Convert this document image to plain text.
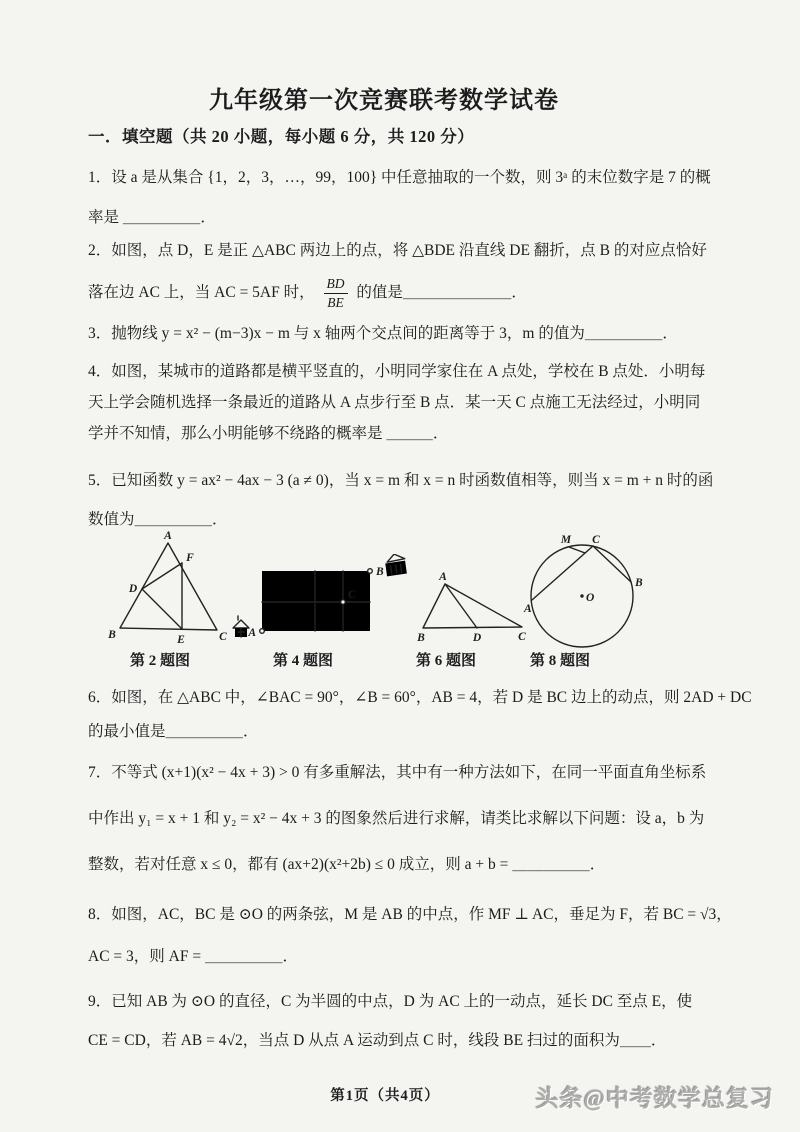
九年级第一次竞赛联考数学试卷
一．填空题（共 20 小题，每小题 6 分，共 120 分）
1．设 a 是从集合 {1，2，3，…，99，100} 中任意抽取的一个数，则 3ᵃ 的末位数字是 7 的概
率是 ＿＿＿＿＿．
2．如图，点 D，E 是正 △ABC 两边上的点，将 △BDE 沿直线 DE 翻折，点 B 的对应点恰好
落在边 AC 上，当 AC = 5AF 时， $\frac{BD}{BE}$ 的值是＿＿＿＿＿＿＿．
3．抛物线 y = x² − (m−3)x − m 与 x 轴两个交点间的距离等于 3，m 的值为＿＿＿＿＿．
4．如图，某城市的道路都是横平竖直的，小明同学家住在 A 点处，学校在 B 点处．小明每
天上学会随机选择一条最近的道路从 A 点步行至 B 点．某一天 C 点施工无法经过，小明同
学并不知情，那么小明能够不绕路的概率是 ＿＿＿．
5．已知函数 y = ax² − 4ax − 3 (a ≠ 0)，当 x = m 和 x = n 时函数值相等，则当 x = m + n 时的函
数值为＿＿＿＿＿．
A
B	C
D
F
E
A
B
C
A
B	D	C
M C
A
B
O
第 2 题图	第 4 题图	第 6 题图	第 8 题图
6．如图，在 △ABC 中，∠BAC = 90°，∠B = 60°，AB = 4，若 D 是 BC 边上的动点，则 2AD + DC
的最小值是＿＿＿＿＿．
7．不等式 (x+1)(x² − 4x + 3) > 0 有多重解法，其中有一种方法如下，在同一平面直角坐标系
中作出 y₁ = x + 1 和 y₂ = x² − 4x + 3 的图象然后进行求解，请类比求解以下问题：设 a，b 为
整数，若对任意 x ≤ 0，都有 (ax+2)(x²+2b) ≤ 0 成立，则 a + b = ＿＿＿＿＿．
8．如图，AC，BC 是 ⊙O 的两条弦，M 是 AB 的中点，作 MF ⊥ AC，垂足为 F，若 BC = √3，
AC = 3，则 AF = ＿＿＿＿＿．
9．已知 AB 为 ⊙O 的直径，C 为半圆的中点，D 为 AC 上的一动点，延长 DC 至点 E，使
CE = CD，若 AB = 4√2，当点 D 从点 A 运动到点 C 时，线段 BE 扫过的面积为＿＿．
第1页（共4页）	头条@中考数学总复习
